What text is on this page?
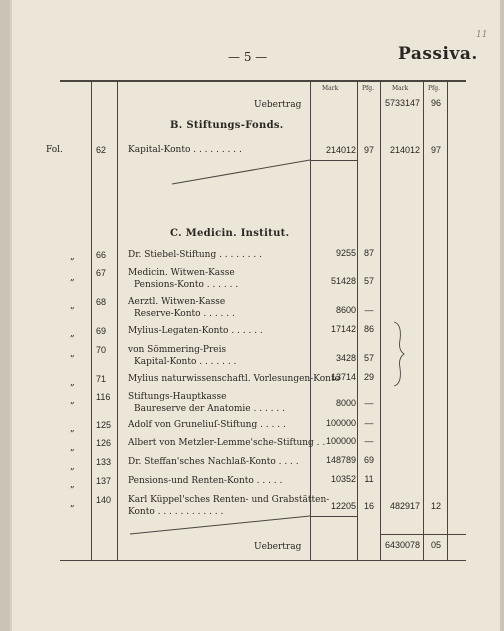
— 5 —	Passiva.
11
Mark	Pfg.	Mark	Pfg.
Uebertrag	5733147	96
B. Stiftungs-Fonds.
Fol.	62 Kapital-Konto . . . . . . . . .	214012 97	214012	97
C. Medicin. Institut.
„ 66 Dr. Stiebel-Stiftung . . . . . . . .	9255 87
„ 67 Medicin. Witwen-Kasse
Pensions-Konto . . . . . .	51428 57
„ 68 Aerztl. Witwen-Kasse
Reserve-Konto . . . . . .	8600 —
„ 69 Mylius-Legaten-Konto . . . . . .	17142 86
„ 70 von Sömmering-Preis
Kapital-Konto . . . . . . .	3428 57
„ 71 Mylius naturwissenschaftl. Vorlesungen-Konto
13714 29
„ 116 Stiftungs-Hauptkasse
Baureserve der Anatomie . . . . . .
8000 —
„ 125 Adolf von Gruneliuſ-Stiftung . . . . .	100000 —
„ 126 Albert von Metzler-Lemme'sche-Stiftung . . 100000 —
„ 133 Dr. Steffan'sches Nachlaß-Konto . . . .	148789 69
„ 137 Pensions-und Renten-Konto . . . . .	10352 11
„ 140 Karl Küppel'sches Renten- und Grabstätten-
Konto . . . . . . . . . . . .
12205 16	482917	12
Uebertrag	6430078	05
